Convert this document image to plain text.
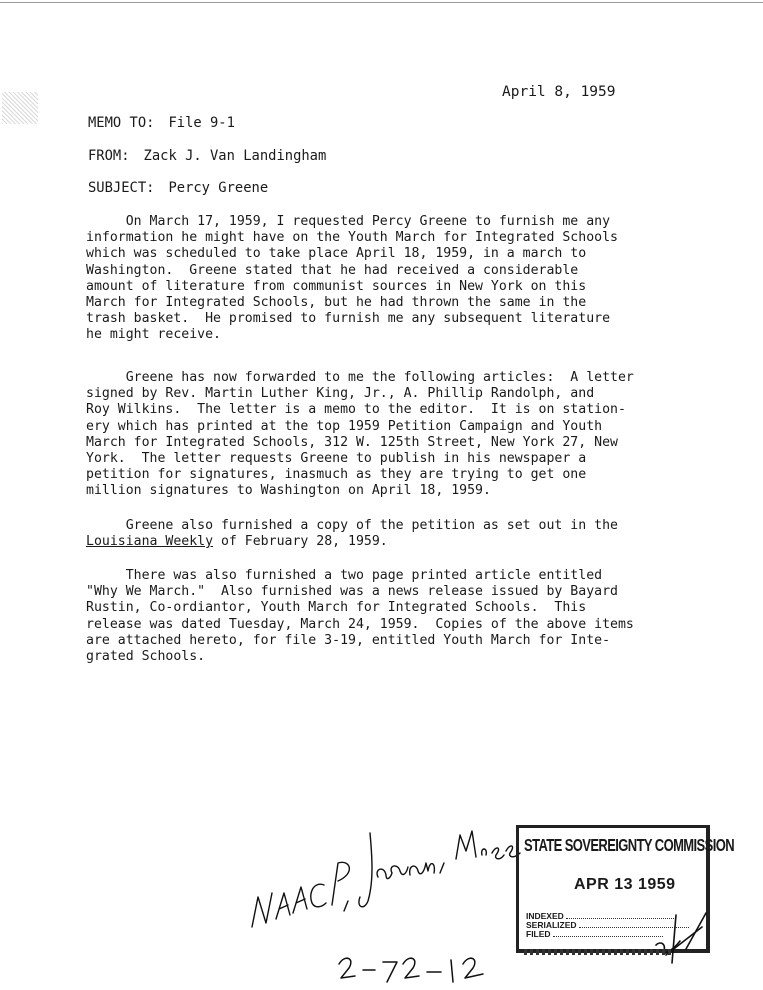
April 8, 1959
MEMO TO: File 9-1
FROM: Zack J. Van Landingham
SUBJECT: Percy Greene
On March 17, 1959, I requested Percy Greene to furnish me any
information he might have on the Youth March for Integrated Schools
which was scheduled to take place April 18, 1959, in a march to
Washington.  Greene stated that he had received a considerable
amount of literature from communist sources in New York on this
March for Integrated Schools, but he had thrown the same in the
trash basket.  He promised to furnish me any subsequent literature
he might receive.
Greene has now forwarded to me the following articles:  A letter
signed by Rev. Martin Luther King, Jr., A. Phillip Randolph, and
Roy Wilkins.  The letter is a memo to the editor.  It is on station-
ery which has printed at the top 1959 Petition Campaign and Youth
March for Integrated Schools, 312 W. 125th Street, New York 27, New
York.  The letter requests Greene to publish in his newspaper a
petition for signatures, inasmuch as they are trying to get one
million signatures to Washington on April 18, 1959.
Greene also furnished a copy of the petition as set out in the
Louisiana Weekly of February 28, 1959.
There was also furnished a two page printed article entitled
"Why We March."  Also furnished was a news release issued by Bayard
Rustin, Co-ordiantor, Youth March for Integrated Schools.  This
release was dated Tuesday, March 24, 1959.  Copies of the above items
are attached hereto, for file 3-19, entitled Youth March for Inte-
grated Schools.
STATE SOVEREIGNTY COMMISSION
APR 13 1959
INDEXED
SERIALIZED
FILED
